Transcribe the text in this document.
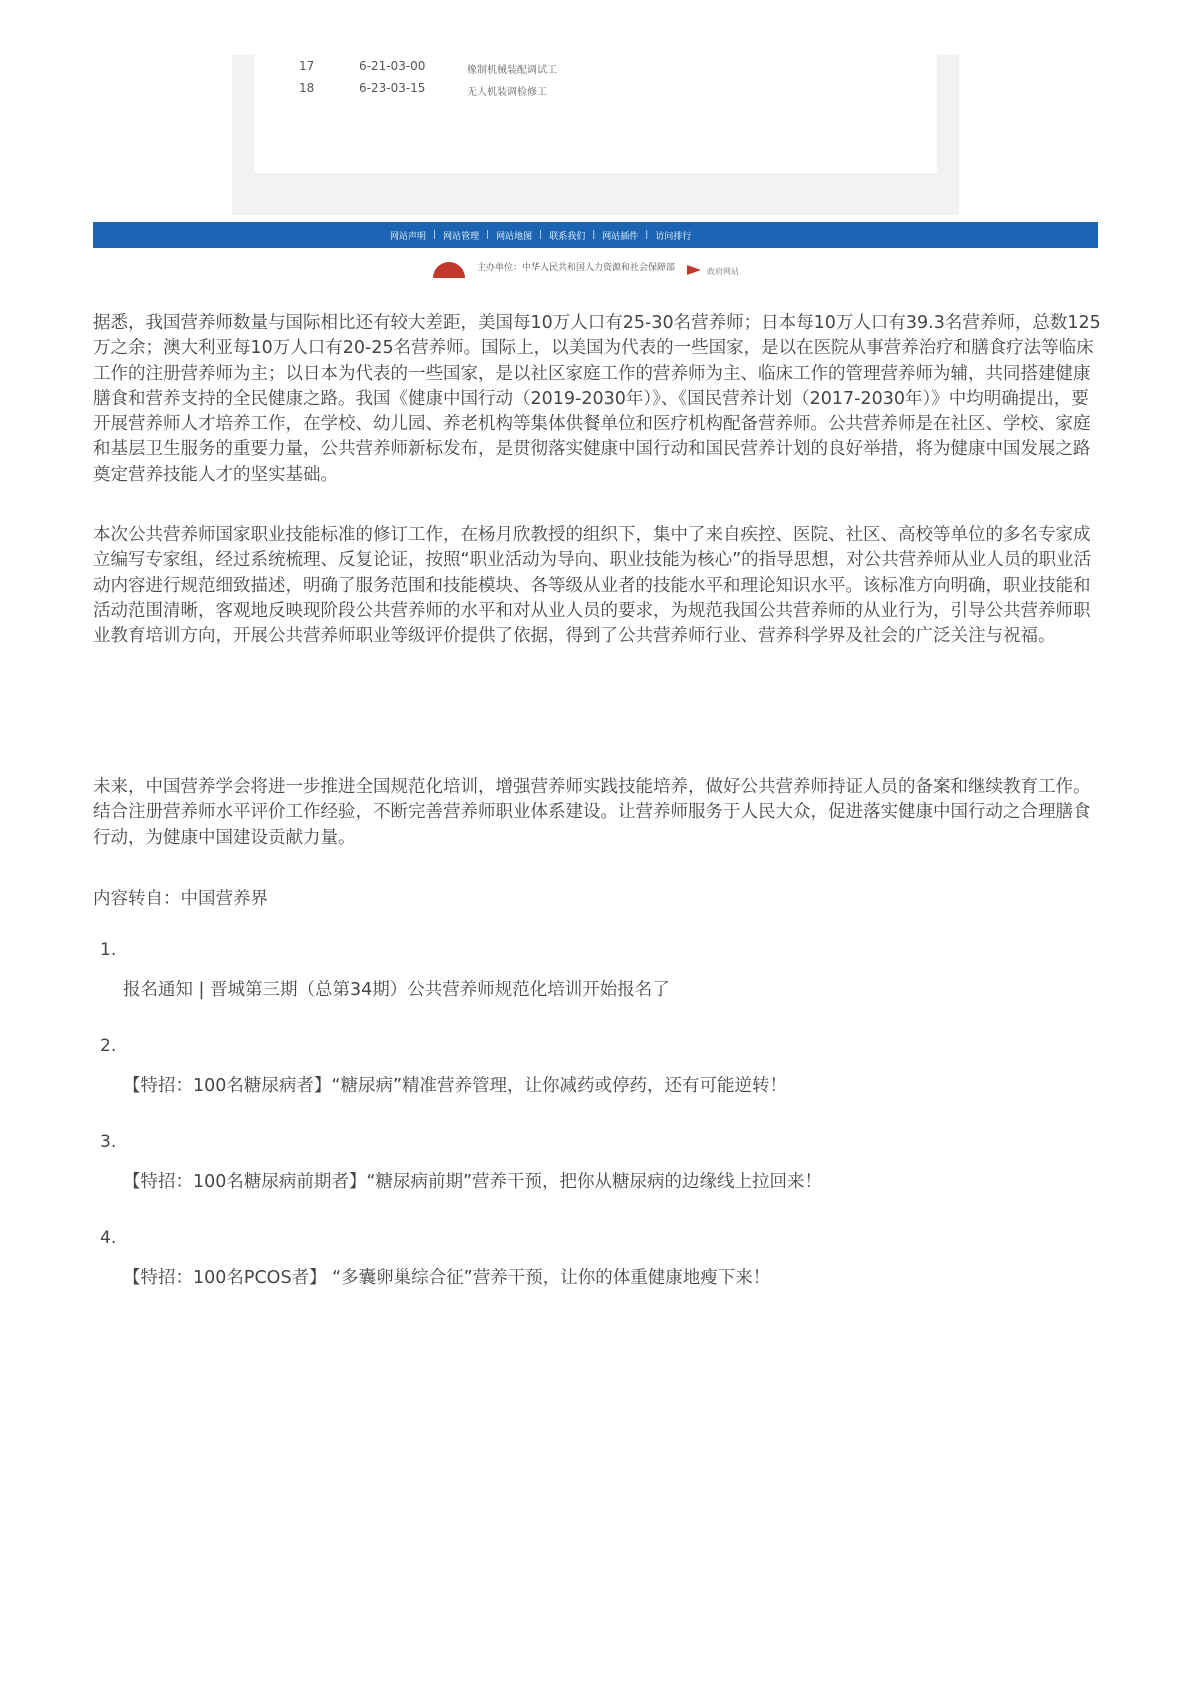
17	6-21-03-00	橡制机械装配调试工
18	6-23-03-15	无人机装调检修工
网站声明 | 网站管理 | 网站地图 | 联系我们 | 网站插件 | 访问排行
主办单位：中华人民共和国人力资源和社会保障部	政府网站

据悉，我国营养师数量与国际相比还有较大差距，美国每10万人口有25-30名营养师；日本每10万人口有39.3名营养师，总数125万之余；澳大利亚每10万人口有20-25名营养师。国际上，以美国为代表的一些国家，是以在医院从事营养治疗和膳食疗法等临床工作的注册营养师为主；以日本为代表的一些国家，是以社区家庭工作的营养师为主、临床工作的管理营养师为辅，共同搭建健康膳食和营养支持的全民健康之路。我国《健康中国行动（2019-2030年）》、《国民营养计划（2017-2030年）》中均明确提出，要开展营养师人才培养工作，在学校、幼儿园、养老机构等集体供餐单位和医疗机构配备营养师。公共营养师是在社区、学校、家庭和基层卫生服务的重要力量，公共营养师新标发布，是贯彻落实健康中国行动和国民营养计划的良好举措，将为健康中国发展之路奠定营养技能人才的坚实基础。

本次公共营养师国家职业技能标准的修订工作，在杨月欣教授的组织下，集中了来自疾控、医院、社区、高校等单位的多名专家成立编写专家组，经过系统梳理、反复论证，按照“职业活动为导向、职业技能为核心”的指导思想，对公共营养师从业人员的职业活动内容进行规范细致描述，明确了服务范围和技能模块、各等级从业者的技能水平和理论知识水平。该标准方向明确，职业技能和活动范围清晰，客观地反映现阶段公共营养师的水平和对从业人员的要求，为规范我国公共营养师的从业行为，引导公共营养师职业教育培训方向，开展公共营养师职业等级评价提供了依据，得到了公共营养师行业、营养科学界及社会的广泛关注与祝福。

未来，中国营养学会将进一步推进全国规范化培训，增强营养师实践技能培养，做好公共营养师持证人员的备案和继续教育工作。结合注册营养师水平评价工作经验，不断完善营养师职业体系建设。让营养师服务于人民大众，促进落实健康中国行动之合理膳食行动，为健康中国建设贡献力量。

内容转自：中国营养界

1.
报名通知 | 晋城第三期（总第34期）公共营养师规范化培训开始报名了
2.
【特招：100名糖尿病者】“糖尿病”精准营养管理，让你减药或停药，还有可能逆转！
3.
【特招：100名糖尿病前期者】“糖尿病前期”营养干预，把你从糖尿病的边缘线上拉回来！
4.
【特招：100名PCOS者】 “多囊卵巢综合征”营养干预，让你的体重健康地瘦下来！
